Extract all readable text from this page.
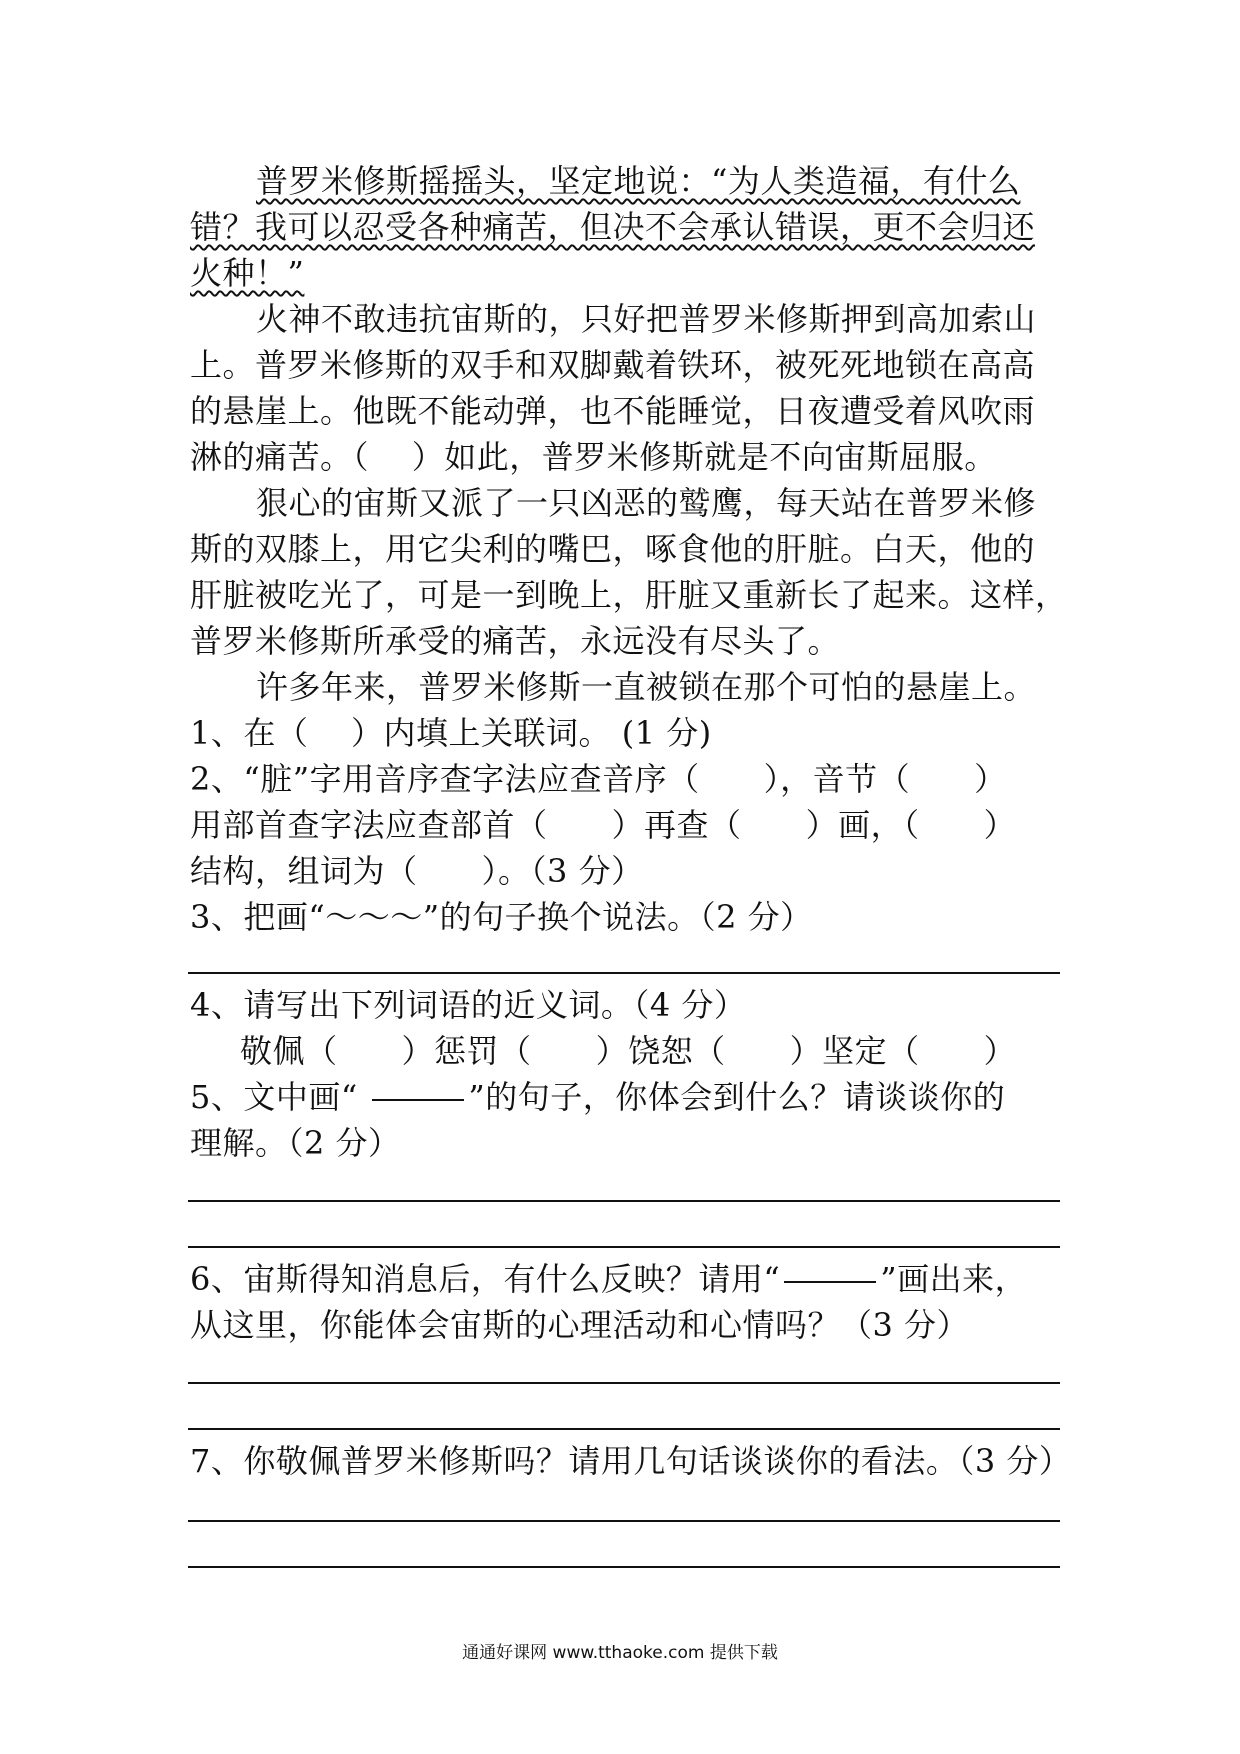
普罗米修斯摇摇头，坚定地说：“为人类造福，有什么
错？我可以忍受各种痛苦，但决不会承认错误，更不会归还
火种！”
火神不敢违抗宙斯的，只好把普罗米修斯押到高加索山
上。普罗米修斯的双手和双脚戴着铁环，被死死地锁在高高
的悬崖上。他既不能动弹，也不能睡觉，日夜遭受着风吹雨
淋的痛苦。（    ）如此，普罗米修斯就是不向宙斯屈服。
狠心的宙斯又派了一只凶恶的鹫鹰，每天站在普罗米修
斯的双膝上，用它尖利的嘴巴，啄食他的肝脏。白天，他的
肝脏被吃光了，可是一到晚上，肝脏又重新长了起来。这样，
普罗米修斯所承受的痛苦，永远没有尽头了。
许多年来，普罗米修斯一直被锁在那个可怕的悬崖上。
1、在（    ）内填上关联词。 (1 分)
2、“脏”字用音序查字法应查音序（      ），音节（      ）
用部首查字法应查部首（      ）再查（      ）画，（      ）
结构，组词为（      ）。（3 分）
3、把画“～～～”的句子换个说法。（2 分）
4、请写出下列词语的近义词。（4 分）
敬佩（      ）惩罚（      ）饶恕（      ）坚定（      ）
5、文中画“	”的句子，你体会到什么？请谈谈你的
理解。（2 分）
6、宙斯得知消息后，有什么反映？请用“	”画出来，
从这里，你能体会宙斯的心理活动和心情吗？（3 分）
7、你敬佩普罗米修斯吗？请用几句话谈谈你的看法。（3 分）
通通好课网 www.tthaoke.com 提供下载
